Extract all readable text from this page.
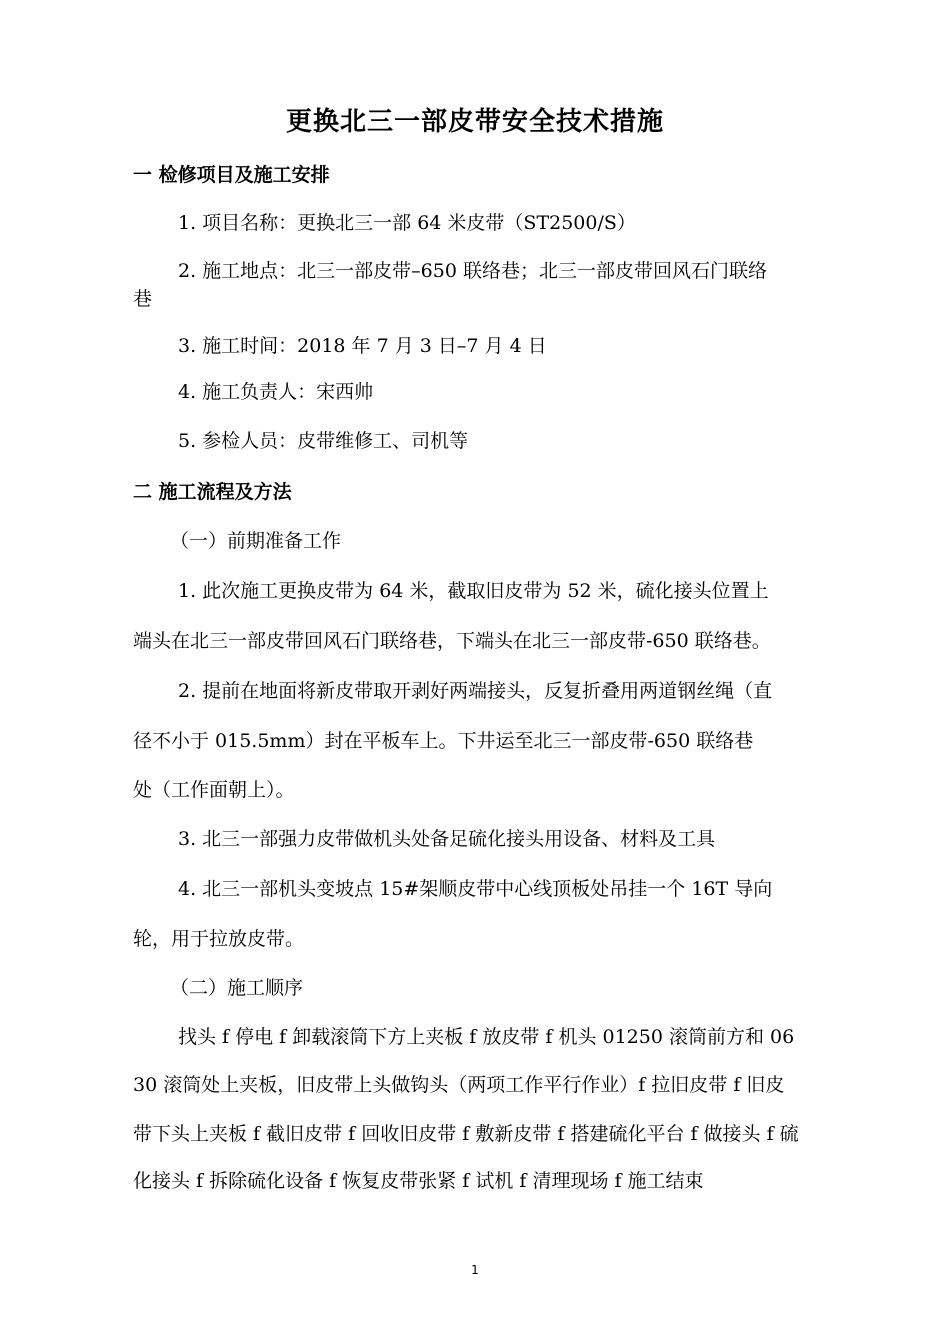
更换北三一部皮带安全技术措施
一 检修项目及施工安排
1. 项目名称：更换北三一部 64 米皮带（ST2500/S）
2. 施工地点：北三一部皮带–650 联络巷；北三一部皮带回风石门联络
巷
3. 施工时间：2018 年 7 月 3 日–7 月 4 日
4. 施工负责人：宋西帅
5. 参检人员：皮带维修工、司机等
二 施工流程及方法
（一）前期准备工作
1. 此次施工更换皮带为 64 米，截取旧皮带为 52 米，硫化接头位置上
端头在北三一部皮带回风石门联络巷，下端头在北三一部皮带-650 联络巷。
2. 提前在地面将新皮带取开剥好两端接头，反复折叠用两道钢丝绳（直
径不小于 015.5mm）封在平板车上。下井运至北三一部皮带-650 联络巷
处（工作面朝上）。
3. 北三一部强力皮带做机头处备足硫化接头用设备、材料及工具
4. 北三一部机头变坡点 15#架顺皮带中心线顶板处吊挂一个 16T 导向
轮，用于拉放皮带。
（二）施工顺序
找头 f 停电 f 卸载滚筒下方上夹板 f 放皮带 f 机头 01250 滚筒前方和 06
30 滚筒处上夹板，旧皮带上头做钩头（两项工作平行作业）f 拉旧皮带 f 旧皮
带下头上夹板 f 截旧皮带 f 回收旧皮带 f 敷新皮带 f 搭建硫化平台 f 做接头 f 硫
化接头 f 拆除硫化设备 f 恢复皮带张紧 f 试机 f 清理现场 f 施工结束
1
